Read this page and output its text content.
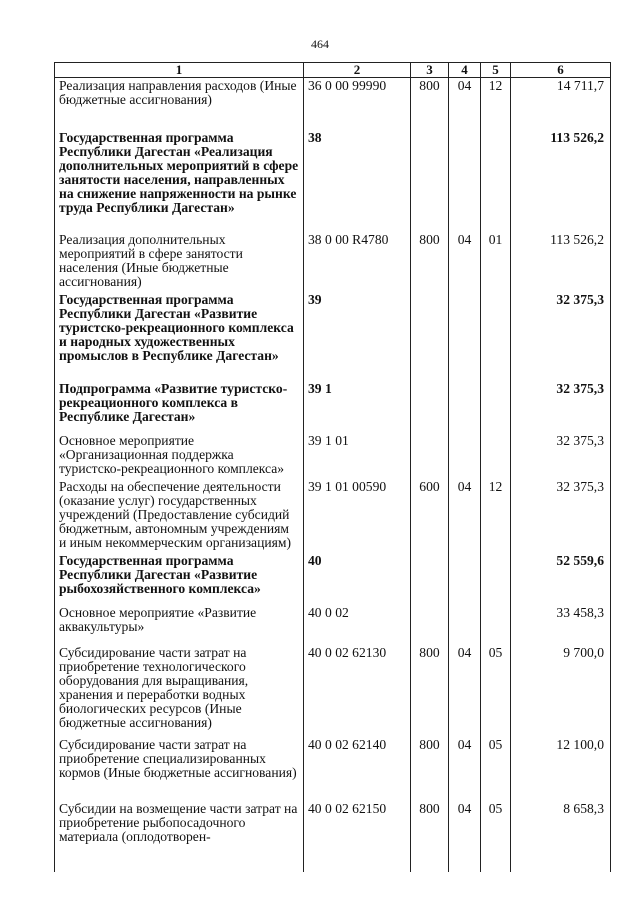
464
1	2	3	4	5	6
Реализация направления расходов (Иные бюджетные ассигнования)	36 0 00 99990	800	04	12	14 711,7
Государственная программа Республики Дагестан «Реализация дополнительных мероприятий в сфере занятости населения, направленных на снижение напряженности на рынке труда Республики Дагестан»	38				113 526,2
Реализация дополнительных мероприятий в сфере занятости населения (Иные бюджетные ассигнования)	38 0 00 R4780	800	04	01	113 526,2
Государственная программа Республики Дагестан «Развитие туристско-рекреационного комплекса и народных художественных промыслов в Республике Дагестан»	39				32 375,3
Подпрограмма «Развитие туристско-рекреационного комплекса в Республике Дагестан»	39 1				32 375,3
Основное мероприятие «Организационная поддержка туристско-рекреационного комплекса»	39 1 01				32 375,3
Расходы на обеспечение деятельности (оказание услуг) государственных учреждений (Предоставление субсидий бюджетным, автономным учреждениям и иным некоммерческим организациям)	39 1 01 00590	600	04	12	32 375,3
Государственная программа Республики Дагестан «Развитие рыбохозяйственного комплекса»	40				52 559,6
Основное мероприятие «Развитие аквакультуры»	40 0 02				33 458,3
Субсидирование части затрат на приобретение технологического оборудования для выращивания, хранения и переработки водных биологических ресурсов (Иные бюджетные ассигнования)	40 0 02 62130	800	04	05	9 700,0
Субсидирование части затрат на приобретение специализированных кормов (Иные бюджетные ассигнования)	40 0 02 62140	800	04	05	12 100,0
Субсидии на возмещение части затрат на приобретение рыбопосадочного материала (оплодотворен-	40 0 02 62150	800	04	05	8 658,3
